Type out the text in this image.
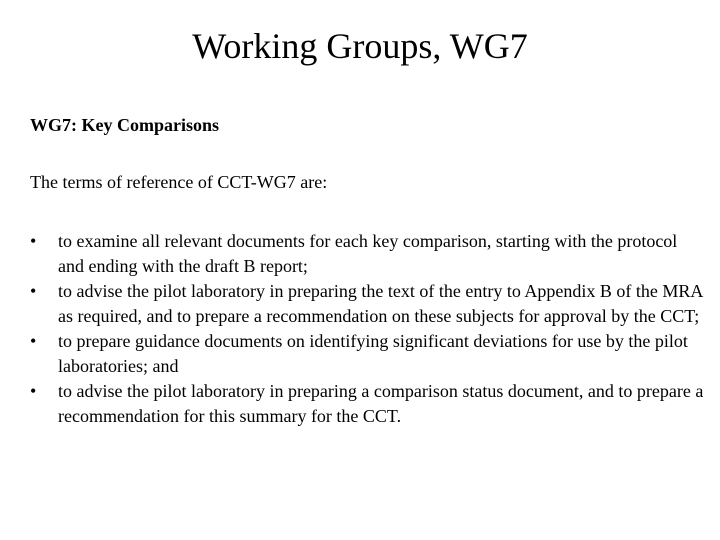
Working Groups, WG7

WG7: Key Comparisons

The terms of reference of CCT-WG7 are:

•	to examine all relevant documents for each key comparison, starting with the protocol and ending with the draft B report;
•	to advise the pilot laboratory in preparing the text of the entry to Appendix B of the MRA as required, and to prepare a recommendation on these subjects for approval by the CCT;
•	to prepare guidance documents on identifying significant deviations for use by the pilot laboratories; and
•	to advise the pilot laboratory in preparing a comparison status document, and to prepare a recommendation for this summary for the CCT.
